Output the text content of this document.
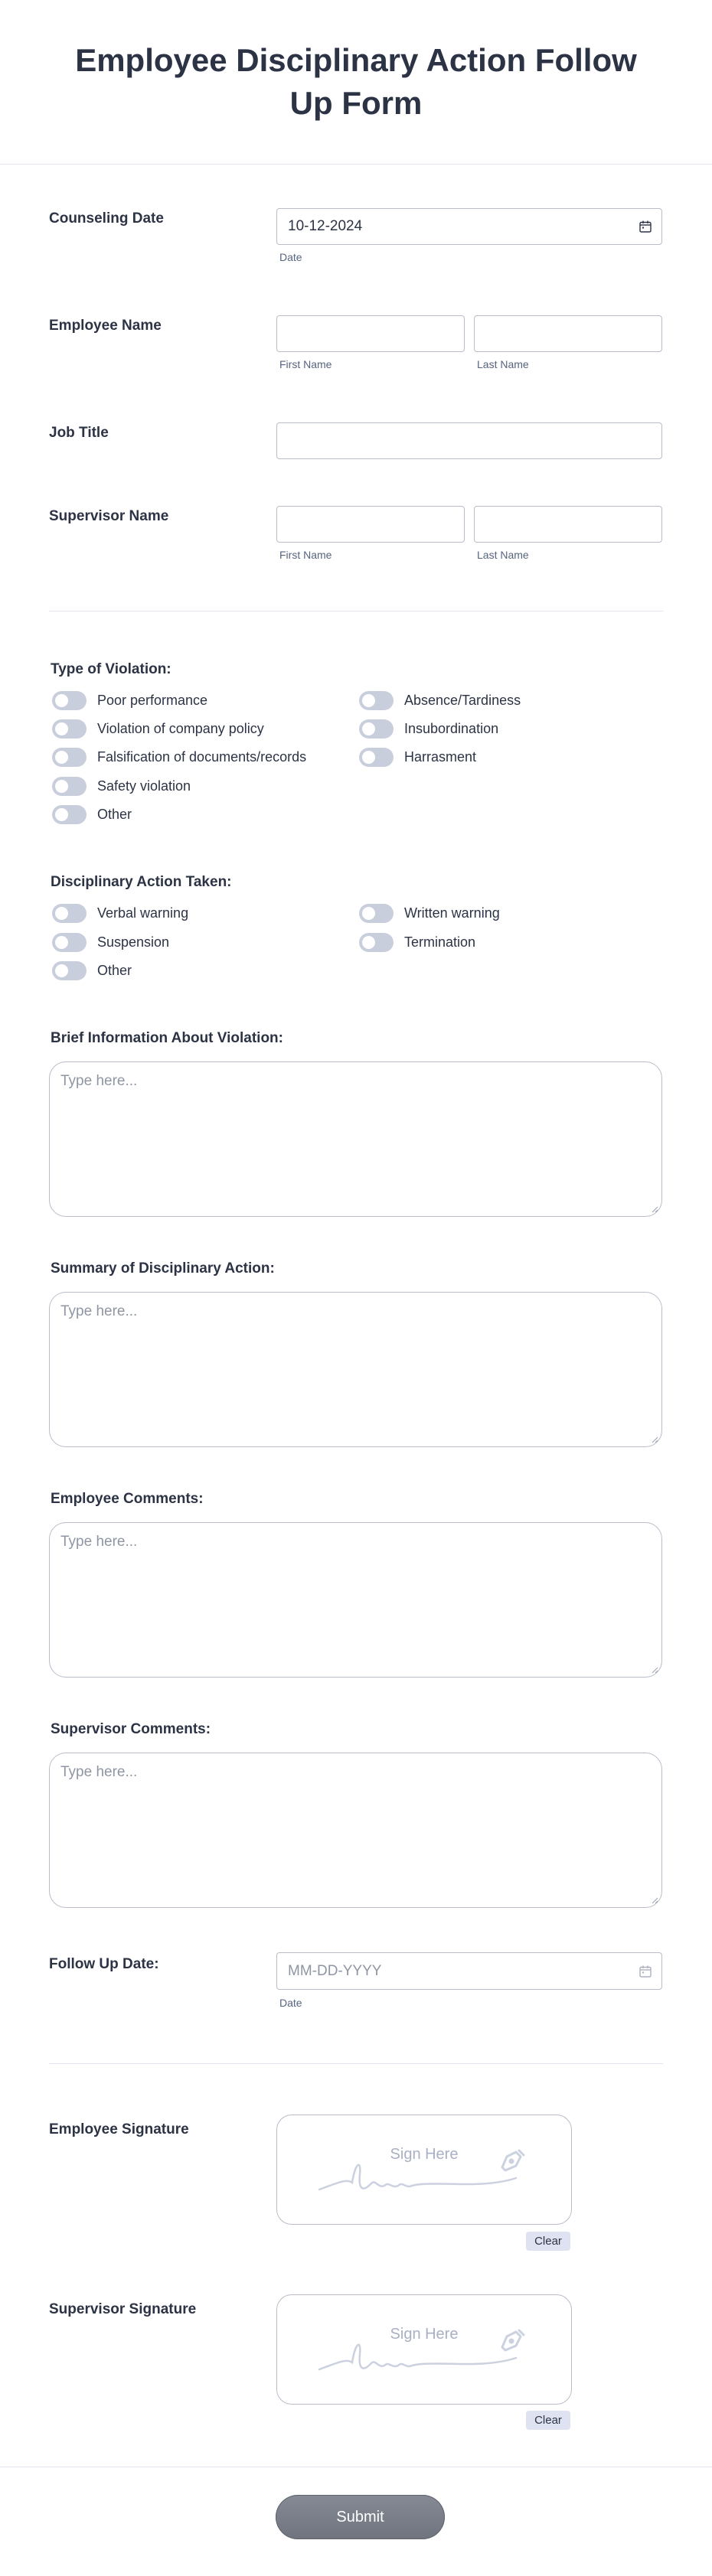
Employee Disciplinary Action Follow Up Form
Counseling Date	10-12-2024
Date
Employee Name
First Name	Last Name
Job Title
Supervisor Name
First Name	Last Name
Type of Violation:
Poor performance
Violation of company policy
Falsification of documents/records
Safety violation
Other
Absence/Tardiness
Insubordination
Harrasment
Disciplinary Action Taken:
Verbal warning
Suspension
Other
Written warning
Termination
Brief Information About Violation:
Type here...
Summary of Disciplinary Action:
Type here...
Employee Comments:
Type here...
Supervisor Comments:
Type here...
Follow Up Date:	MM-DD-YYYY
Date
Employee Signature
Sign Here
Clear
Supervisor Signature
Sign Here
Clear
Submit
